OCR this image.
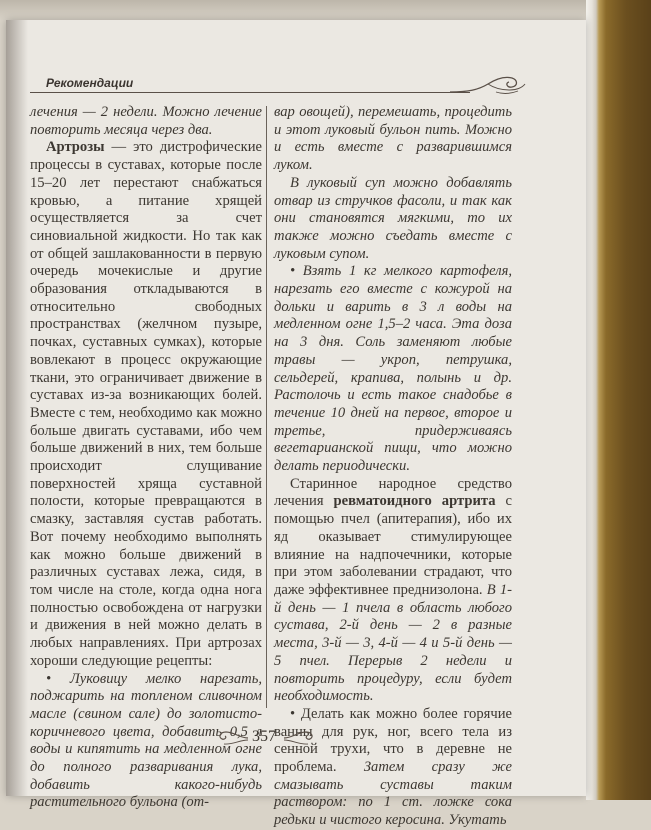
Рекомендации

лечения — 2 недели. Можно лечение повторить месяца через два.

Артрозы — это дистрофические процессы в суставах, которые после 15–20 лет перестают снабжаться кровью, а питание хрящей осуществляется за счет синовиальной жидкости. Но так как от общей зашлакованности в первую очередь мочекислые и другие образования откладываются в относительно свободных пространствах (желчном пузыре, почках, суставных сумках), которые вовлекают в процесс окружающие ткани, это ограничивает движение в суставах из-за возникающих болей. Вместе с тем, необходимо как можно больше двигать суставами, ибо чем больше движений в них, тем больше происходит слущивание поверхностей хряща суставной полости, которые превращаются в смазку, заставляя сустав работать. Вот почему необходимо выполнять как можно больше движений в различных суставах лежа, сидя, в том числе на столе, когда одна нога полностью освобождена от нагрузки и движения в ней можно делать в любых направлениях. При артрозах хороши следующие рецепты:

• Луковицу мелко нарезать, поджарить на топленом сливочном масле (свином сале) до золотисто-коричневого цвета, добавить 0,5 л воды и кипятить на медленном огне до полного разваривания лука, добавить какого-нибудь растительного бульона (от-

вар овощей), перемешать, процедить и этот луковый бульон пить. Можно и есть вместе с разварившимся луком.

В луковый суп можно добавлять отвар из стручков фасоли, и так как они становятся мягкими, то их также можно съедать вместе с луковым супом.

• Взять 1 кг мелкого картофеля, нарезать его вместе с кожурой на дольки и варить в 3 л воды на медленном огне 1,5–2 часа. Эта доза на 3 дня. Соль заменяют любые травы — укроп, петрушка, сельдерей, крапива, полынь и др. Растолочь и есть такое снадобье в течение 10 дней на первое, второе и третье, придерживаясь вегетарианской пищи, что можно делать периодически.

Старинное народное средство лечения ревматоидного артрита с помощью пчел (апитерапия), ибо их яд оказывает стимулирующее влияние на надпочечники, которые при этом заболевании страдают, что даже эффективнее преднизолона. В 1-й день — 1 пчела в область любого сустава, 2-й день — 2 в разные места, 3-й — 3, 4-й — 4 и 5-й день — 5 пчел. Перерыв 2 недели и повторить процедуру, если будет необходимость.

• Делать как можно более горячие ванны для рук, ног, всего тела из сенной трухи, что в деревне не проблема. Затем сразу же смазывать суставы таким раствором: по 1 ст. ложке сока редьки и чистого керосина. Укутать

357
